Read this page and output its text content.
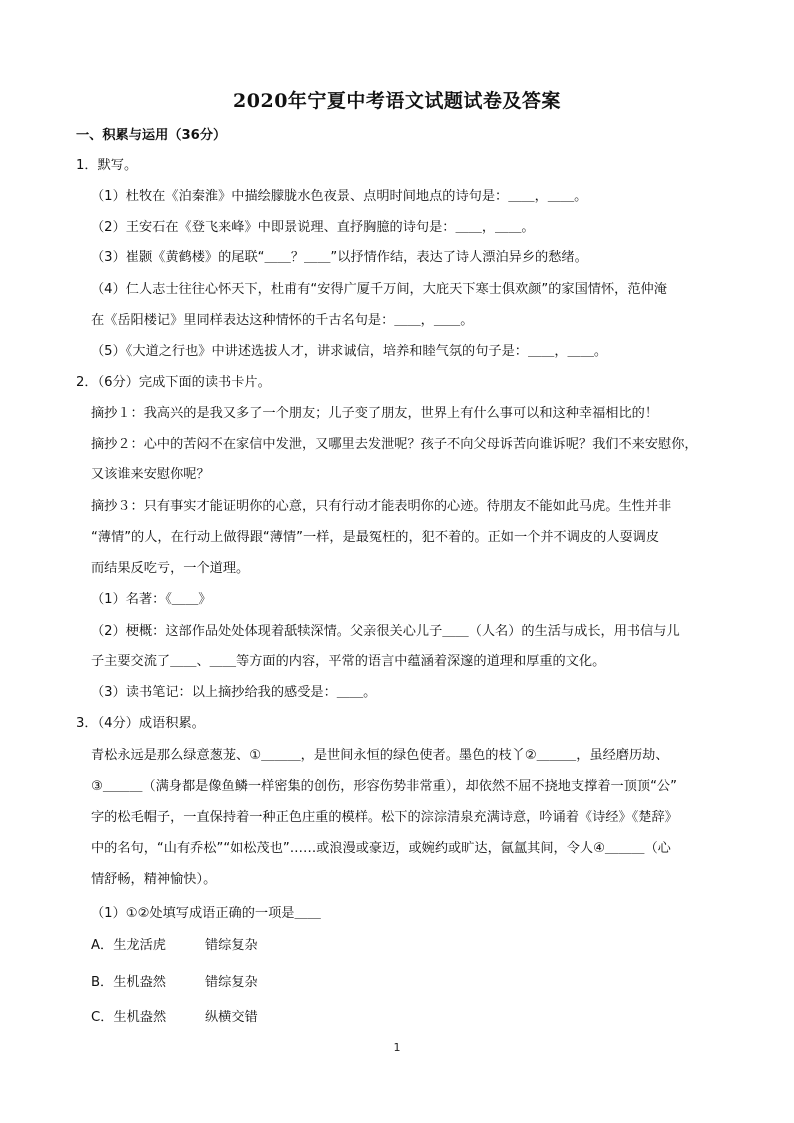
2020年宁夏中考语文试题试卷及答案
一、积累与运用（36分）
1．默写。
（1）杜牧在《泊秦淮》中描绘朦胧水色夜景、点明时间地点的诗句是：＿＿，＿＿。
（2）王安石在《登飞来峰》中即景说理、直抒胸臆的诗句是：＿＿，＿＿。
（3）崔颢《黄鹤楼》的尾联“＿＿？＿＿”以抒情作结，表达了诗人漂泊异乡的愁绪。
（4）仁人志士往往心怀天下，杜甫有“安得广厦千万间，大庇天下寒士俱欢颜”的家国情怀，范仲淹
在《岳阳楼记》里同样表达这种情怀的千古名句是：＿＿，＿＿。
（5）《大道之行也》中讲述选拔人才，讲求诚信，培养和睦气氛的句子是：＿＿，＿＿。
2．（6分）完成下面的读书卡片。
摘抄１：我高兴的是我又多了一个朋友；儿子变了朋友，世界上有什么事可以和这种幸福相比的！
摘抄２：心中的苦闷不在家信中发泄，又哪里去发泄呢？孩子不向父母诉苦向谁诉呢？我们不来安慰你，
又该谁来安慰你呢？
摘抄３：只有事实才能证明你的心意，只有行动才能表明你的心迹。待朋友不能如此马虎。生性并非
“薄情”的人，在行动上做得跟“薄情”一样，是最冤枉的，犯不着的。正如一个并不调皮的人耍调皮
而结果反吃亏，一个道理。
（1）名著：《＿＿》
（2）梗概：这部作品处处体现着舐犊深情。父亲很关心儿子＿＿（人名）的生活与成长，用书信与儿
子主要交流了＿＿、＿＿等方面的内容，平常的语言中蕴涵着深邃的道理和厚重的文化。
（3）读书笔记：以上摘抄给我的感受是：＿＿。
3．（4分）成语积累。
青松永远是那么绿意葱茏、①＿＿＿，是世间永恒的绿色使者。墨色的枝丫②＿＿＿，虽经磨历劫、
③＿＿＿（满身都是像鱼鳞一样密集的创伤，形容伤势非常重），却依然不屈不挠地支撑着一顶顶“公”
字的松毛帽子，一直保持着一种正色庄重的模样。松下的淙淙清泉充满诗意，吟诵着《诗经》《楚辞》
中的名句，“山有乔松”“如松茂也”……或浪漫或豪迈，或婉约或旷达，氤氲其间，令人④＿＿＿（心
情舒畅，精神愉快）。
（1）①②处填写成语正确的一项是＿＿
A．生龙活虎	错综复杂
B．生机盎然	错综复杂
C．生机盎然	纵横交错
1
